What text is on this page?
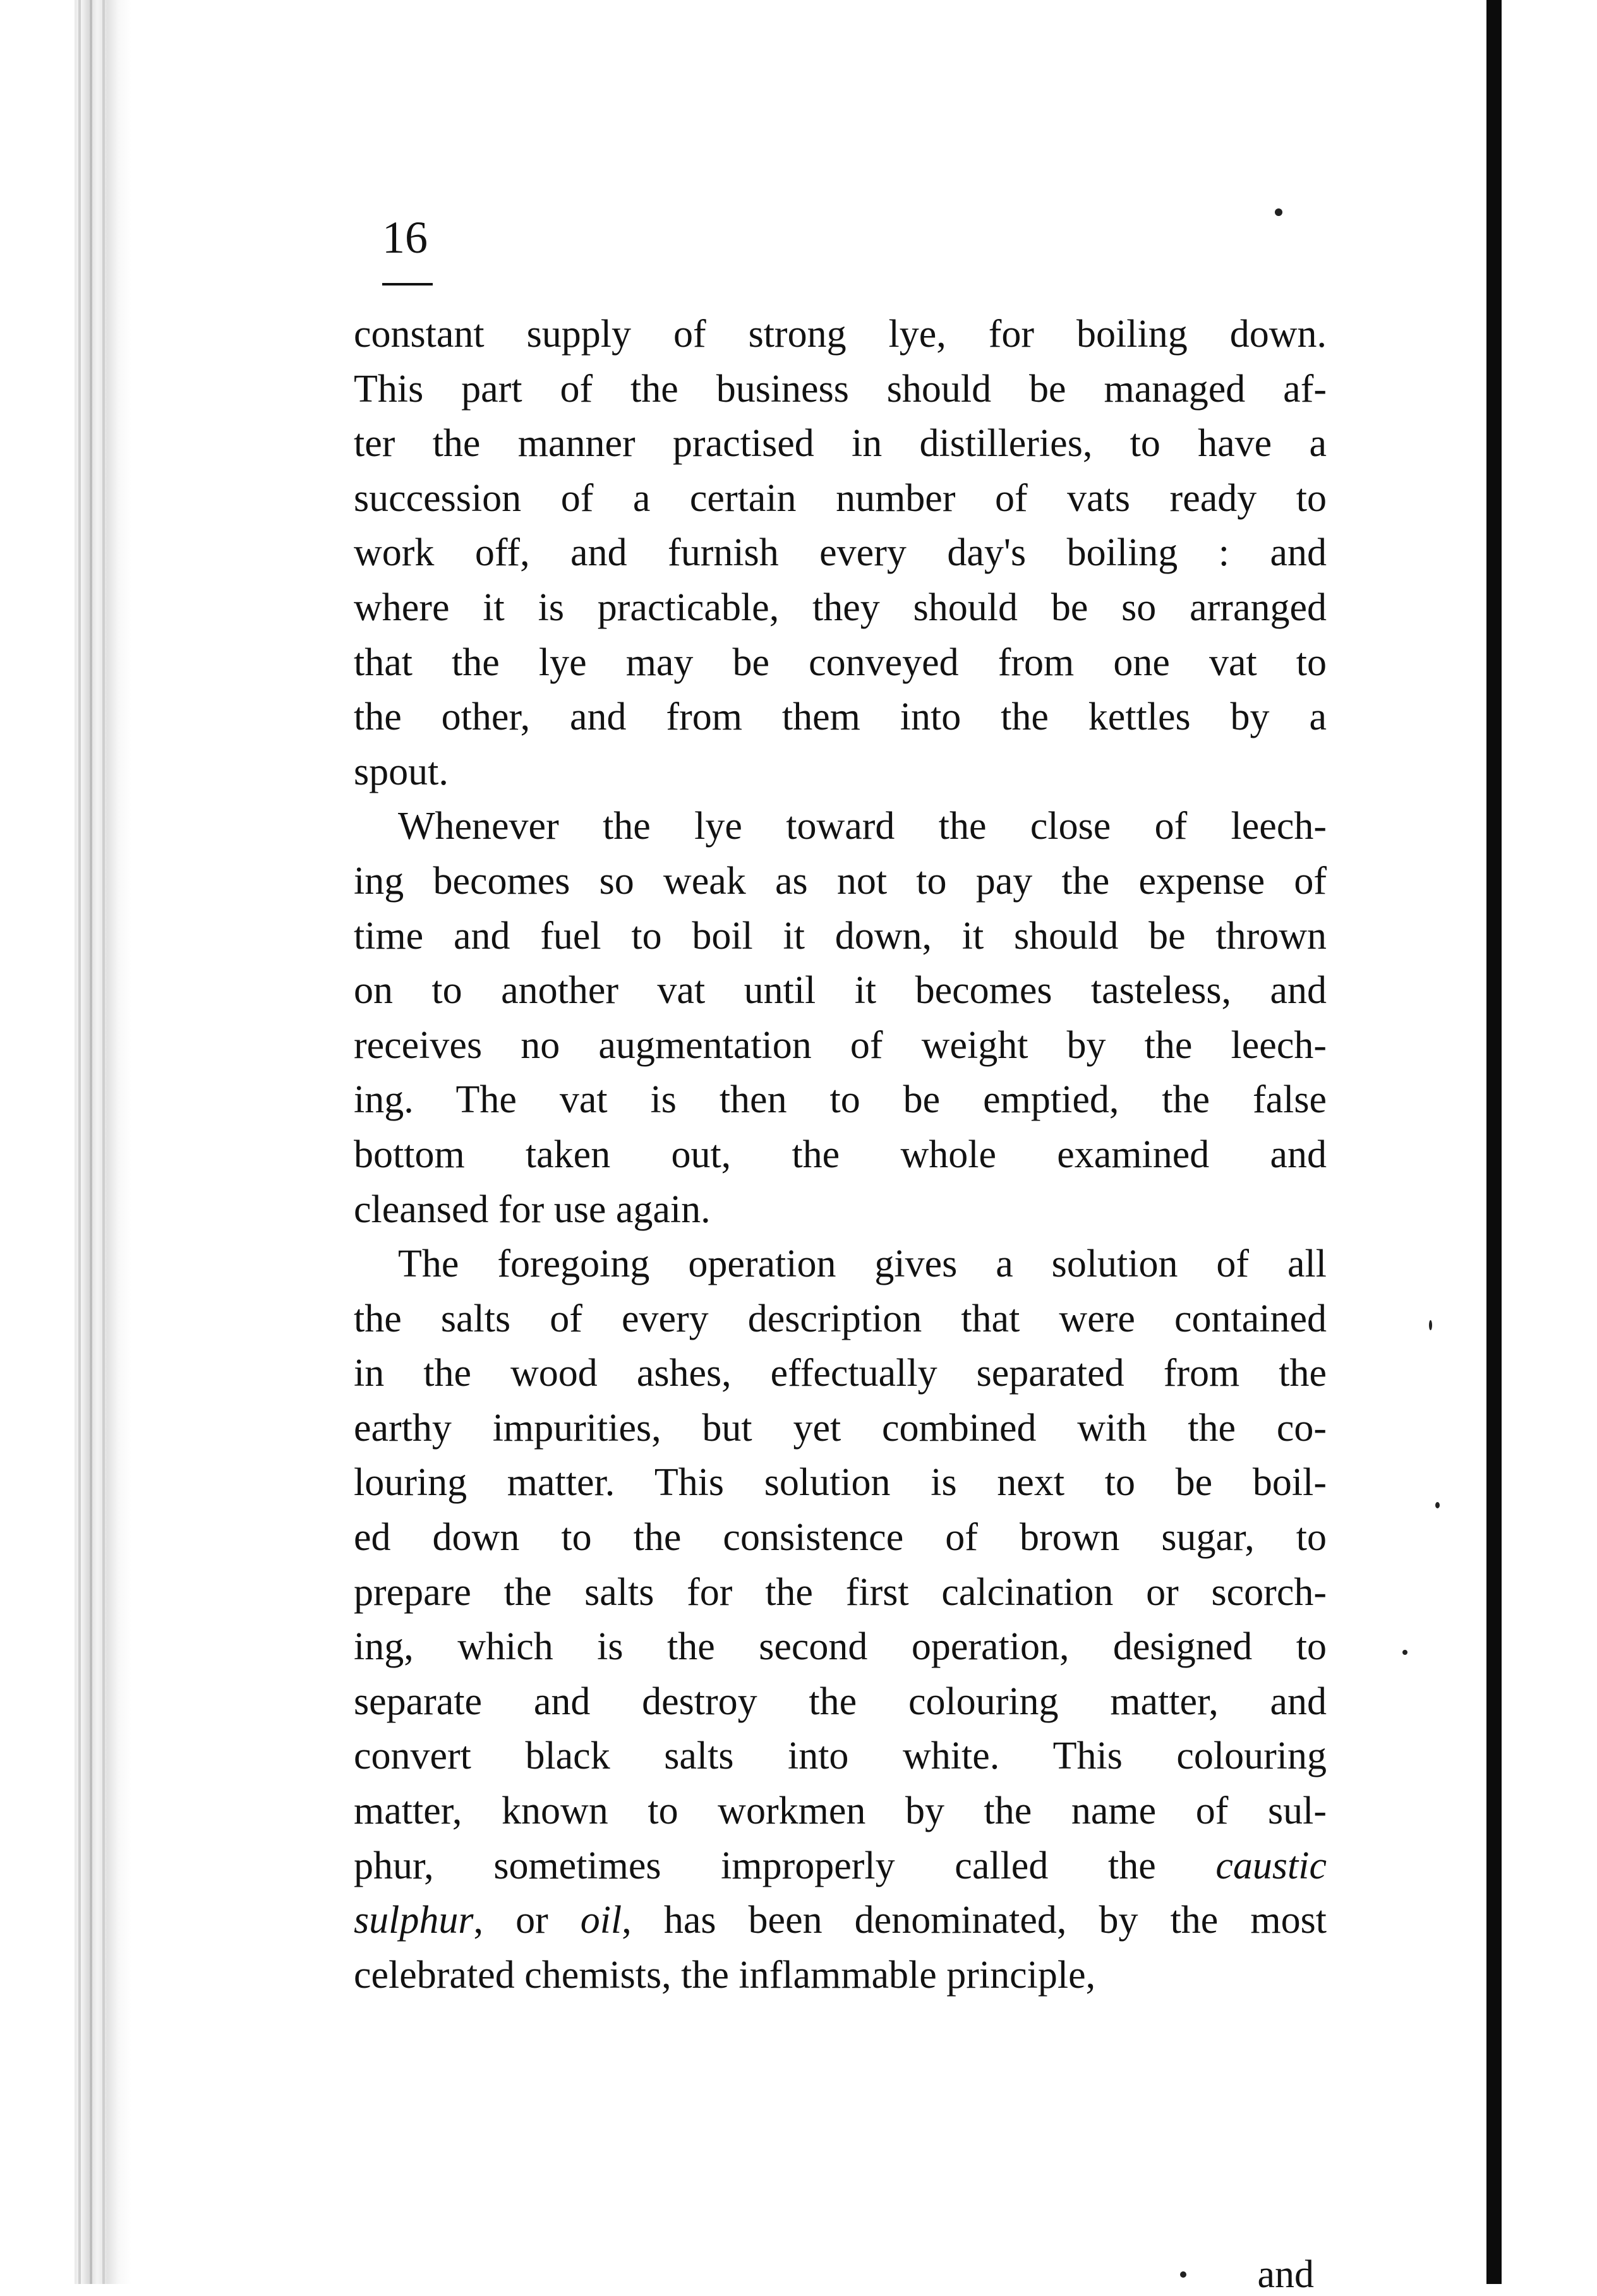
16
constant supply of strong lye, for boiling down.
This part of the business should be managed af-
ter the manner practised in distilleries, to have a
succession of a certain number of vats ready to
work off, and furnish every day's boiling : and
where it is practicable, they should be so arranged
that the lye may be conveyed from one vat to
the other, and from them into the kettles by a
spout.
Whenever the lye toward the close of leech-
ing becomes so weak as not to pay the expense of
time and fuel to boil it down, it should be thrown
on to another vat until it becomes tasteless, and
receives no augmentation of weight by the leech-
ing. The vat is then to be emptied, the false
bottom taken out, the whole examined and
cleansed for use again.
The foregoing operation gives a solution of all
the salts of every description that were contained
in the wood ashes, effectually separated from the
earthy impurities, but yet combined with the co-
louring matter. This solution is next to be boil-
ed down to the consistence of brown sugar, to
prepare the salts for the first calcination or scorch-
ing, which is the second operation, designed to
separate and destroy the colouring matter, and
convert black salts into white. This colouring
matter, known to workmen by the name of sul-
phur, sometimes improperly called the caustic
sulphur, or oil, has been denominated, by the most
celebrated chemists, the inflammable principle,
and
